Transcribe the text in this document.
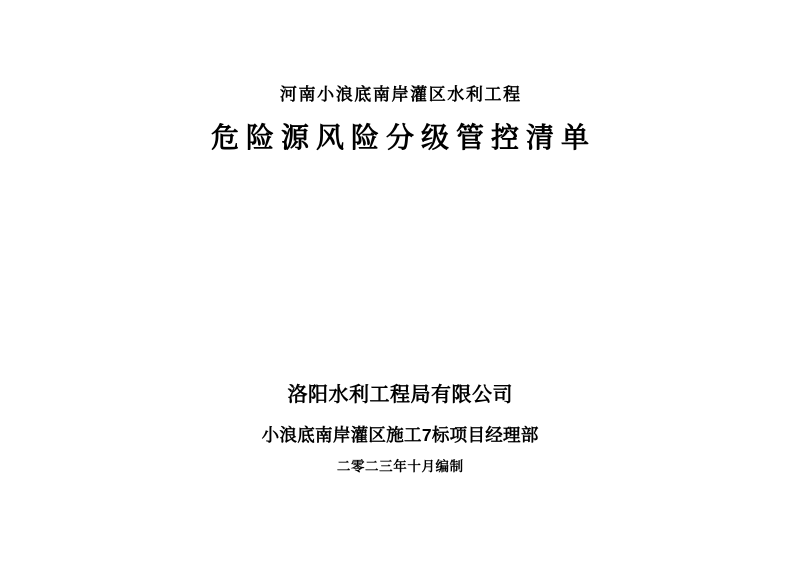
河南小浪底南岸灌区水利工程
危险源风险分级管控清单
洛阳水利工程局有限公司
小浪底南岸灌区施工7标项目经理部
二零二三年十月编制
